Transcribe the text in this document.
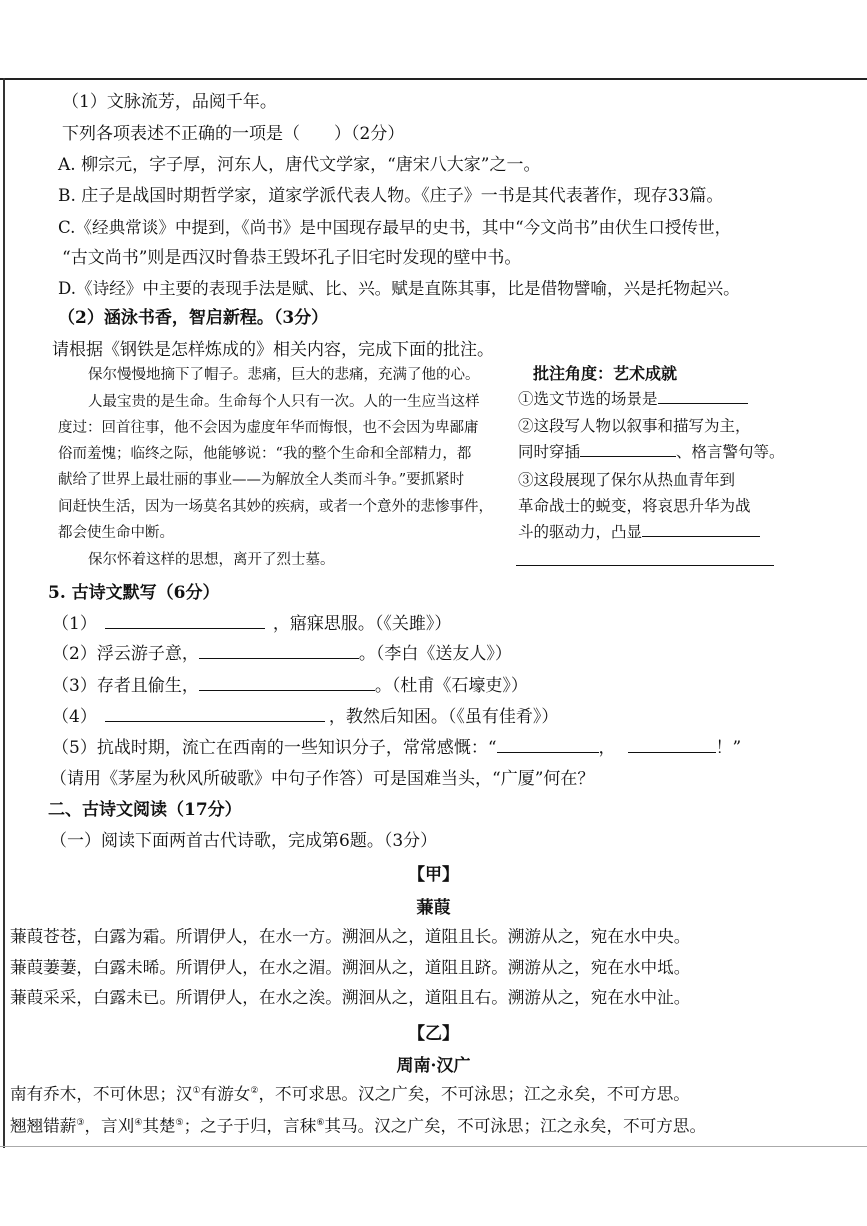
（1）文脉流芳，品阅千年。
下列各项表述不正确的一项是（　　）（2分）
A. 柳宗元，字子厚，河东人，唐代文学家，“唐宋八大家”之一。
B. 庄子是战国时期哲学家，道家学派代表人物。《庄子》一书是其代表著作，现存33篇。
C.《经典常谈》中提到，《尚书》是中国现存最早的史书，其中“今文尚书”由伏生口授传世，
“古文尚书”则是西汉时鲁恭王毁坏孔子旧宅时发现的壁中书。
D.《诗经》中主要的表现手法是赋、比、兴。赋是直陈其事，比是借物譬喻，兴是托物起兴。
（2）涵泳书香，智启新程。（3分）
请根据《钢铁是怎样炼成的》相关内容，完成下面的批注。
保尔慢慢地摘下了帽子。悲痛，巨大的悲痛，充满了他的心。
人最宝贵的是生命。生命每个人只有一次。人的一生应当这样
度过：回首往事，他不会因为虚度年华而悔恨，也不会因为卑鄙庸
俗而羞愧；临终之际，他能够说：“我的整个生命和全部精力，都
献给了世界上最壮丽的事业——为解放全人类而斗争。”要抓紧时
间赶快生活，因为一场莫名其妙的疾病，或者一个意外的悲惨事件，
都会使生命中断。
保尔怀着这样的思想，离开了烈士墓。
批注角度：艺术成就
①选文节选的场景是
②这段写人物以叙事和描写为主，
同时穿插	、格言警句等。
③这段展现了保尔从热血青年到
革命战士的蜕变，将哀思升华为战
斗的驱动力，凸显
5. 古诗文默写（6分）
（1）	，寤寐思服。（《关雎》）
（2）浮云游子意，	。（李白《送友人》）
（3）存者且偷生，	。（杜甫《石壕吏》）
（4）	，教然后知困。（《虽有佳肴》）
（5）抗战时期，流亡在西南的一些知识分子，常常感慨：“	，	！”
（请用《茅屋为秋风所破歌》中句子作答）可是国难当头，“广厦”何在？
二、古诗文阅读（17分）
（一）阅读下面两首古代诗歌，完成第6题。（3分）
【甲】
蒹葭
蒹葭苍苍，白露为霜。所谓伊人，在水一方。溯洄从之，道阻且长。溯游从之，宛在水中央。
蒹葭萋萋，白露未晞。所谓伊人，在水之湄。溯洄从之，道阻且跻。溯游从之，宛在水中坻。
蒹葭采采，白露未已。所谓伊人，在水之涘。溯洄从之，道阻且右。溯游从之，宛在水中沚。
【乙】
周南·汉广
南有乔木，不可休思；汉①有游女②，不可求思。汉之广矣，不可泳思；江之永矣，不可方思。
翘翘错薪③，言刈④其楚⑤；之子于归，言秣⑥其马。汉之广矣，不可泳思；江之永矣，不可方思。
